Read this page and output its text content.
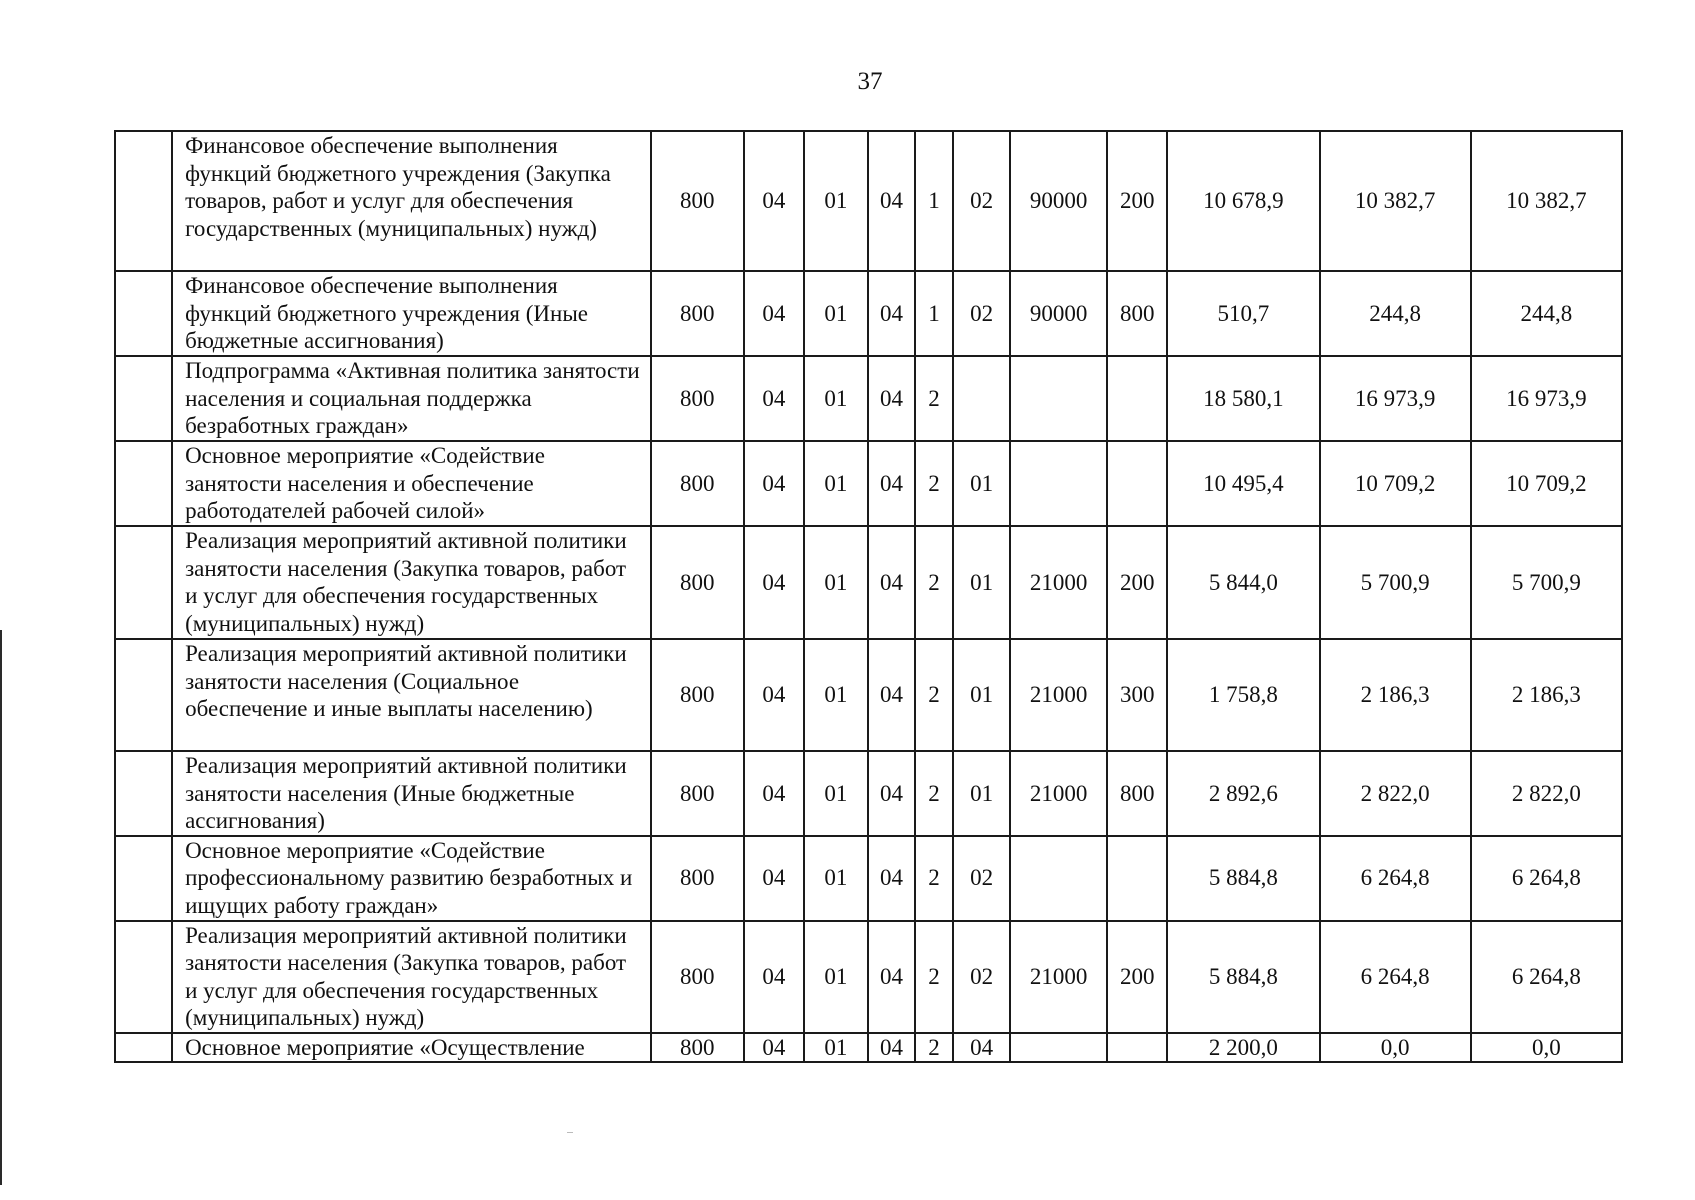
37
	Финансовое обеспечение выполнения функций бюджетного учреждения (Закупка товаров, работ и услуг для обеспечения государственных (муниципальных) нужд)	800	04	01	04	1	02	90000	200	10 678,9	10 382,7	10 382,7
	Финансовое обеспечение выполнения функций бюджетного учреждения (Иные бюджетные ассигнования)	800	04	01	04	1	02	90000	800	510,7	244,8	244,8
	Подпрограмма «Активная политика занятости населения и социальная поддержка безработных граждан»	800	04	01	04	2				18 580,1	16 973,9	16 973,9
	Основное мероприятие «Содействие занятости населения и обеспечение работодателей рабочей силой»	800	04	01	04	2	01			10 495,4	10 709,2	10 709,2
	Реализация мероприятий активной политики занятости населения (Закупка товаров, работ и услуг для обеспечения государственных (муниципальных) нужд)	800	04	01	04	2	01	21000	200	5 844,0	5 700,9	5 700,9
	Реализация мероприятий активной политики занятости населения (Социальное обеспечение и иные выплаты населению)	800	04	01	04	2	01	21000	300	1 758,8	2 186,3	2 186,3
	Реализация мероприятий активной политики занятости населения (Иные бюджетные ассигнования)	800	04	01	04	2	01	21000	800	2 892,6	2 822,0	2 822,0
	Основное мероприятие «Содействие профессиональному развитию безработных и ищущих работу граждан»	800	04	01	04	2	02			5 884,8	6 264,8	6 264,8
	Реализация мероприятий активной политики занятости населения (Закупка товаров, работ и услуг для обеспечения государственных (муниципальных) нужд)	800	04	01	04	2	02	21000	200	5 884,8	6 264,8	6 264,8
	Основное мероприятие «Осуществление	800	04	01	04	2	04			2 200,0	0,0	0,0
